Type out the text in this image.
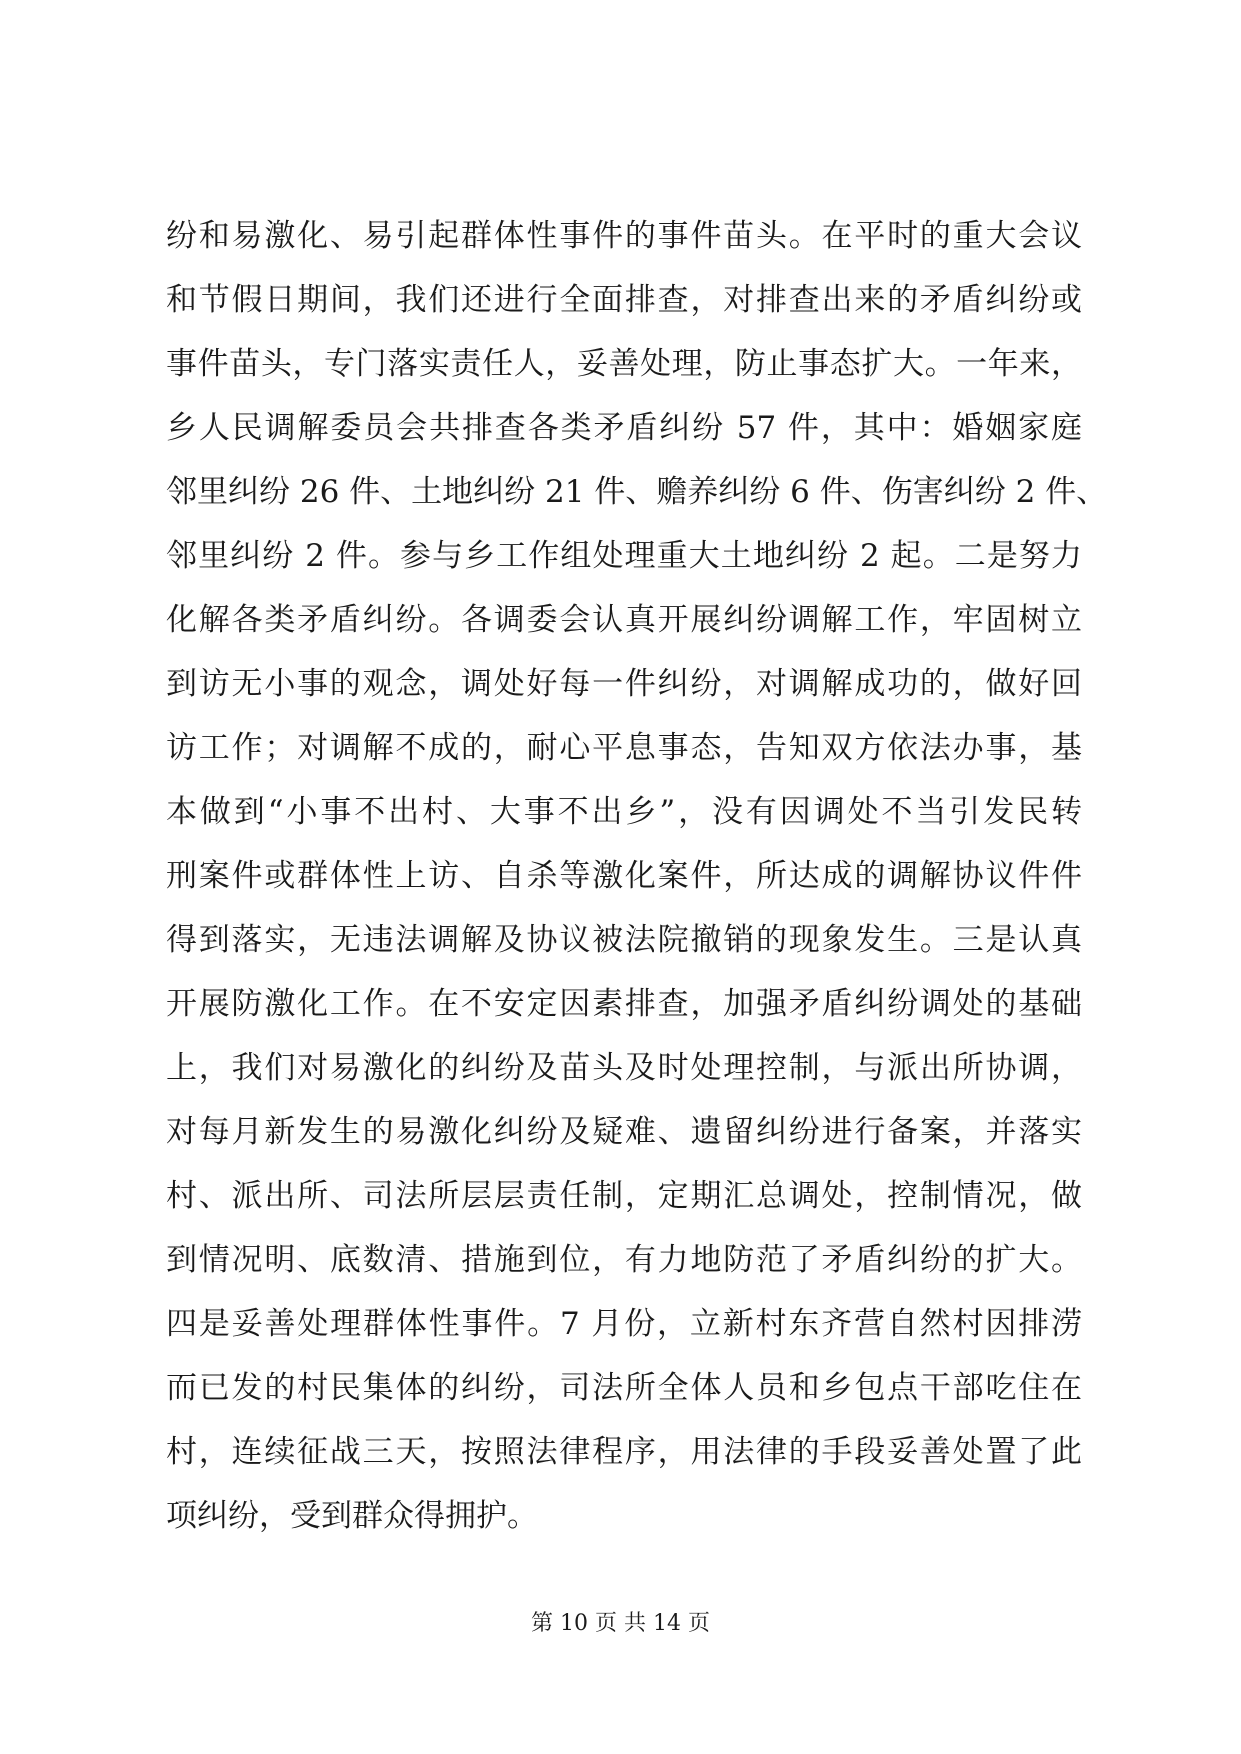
纷和易激化、易引起群体性事件的事件苗头。在平时的重大会议
和节假日期间，我们还进行全面排查，对排查出来的矛盾纠纷或
事件苗头，专门落实责任人，妥善处理，防止事态扩大。一年来，
乡人民调解委员会共排查各类矛盾纠纷 57 件，其中：婚姻家庭
邻里纠纷 26 件、土地纠纷 21 件、赡养纠纷 6 件、伤害纠纷 2 件、
邻里纠纷 2 件。参与乡工作组处理重大土地纠纷 2 起。二是努力
化解各类矛盾纠纷。各调委会认真开展纠纷调解工作，牢固树立
到访无小事的观念，调处好每一件纠纷，对调解成功的，做好回
访工作；对调解不成的，耐心平息事态，告知双方依法办事，基
本做到“小事不出村、大事不出乡”，没有因调处不当引发民转
刑案件或群体性上访、自杀等激化案件，所达成的调解协议件件
得到落实，无违法调解及协议被法院撤销的现象发生。三是认真
开展防激化工作。在不安定因素排查，加强矛盾纠纷调处的基础
上，我们对易激化的纠纷及苗头及时处理控制，与派出所协调，
对每月新发生的易激化纠纷及疑难、遗留纠纷进行备案，并落实
村、派出所、司法所层层责任制，定期汇总调处，控制情况，做
到情况明、底数清、措施到位，有力地防范了矛盾纠纷的扩大。
四是妥善处理群体性事件。7 月份，立新村东齐营自然村因排涝
而已发的村民集体的纠纷，司法所全体人员和乡包点干部吃住在
村，连续征战三天，按照法律程序，用法律的手段妥善处置了此
项纠纷，受到群众得拥护。
第 10 页 共 14 页
